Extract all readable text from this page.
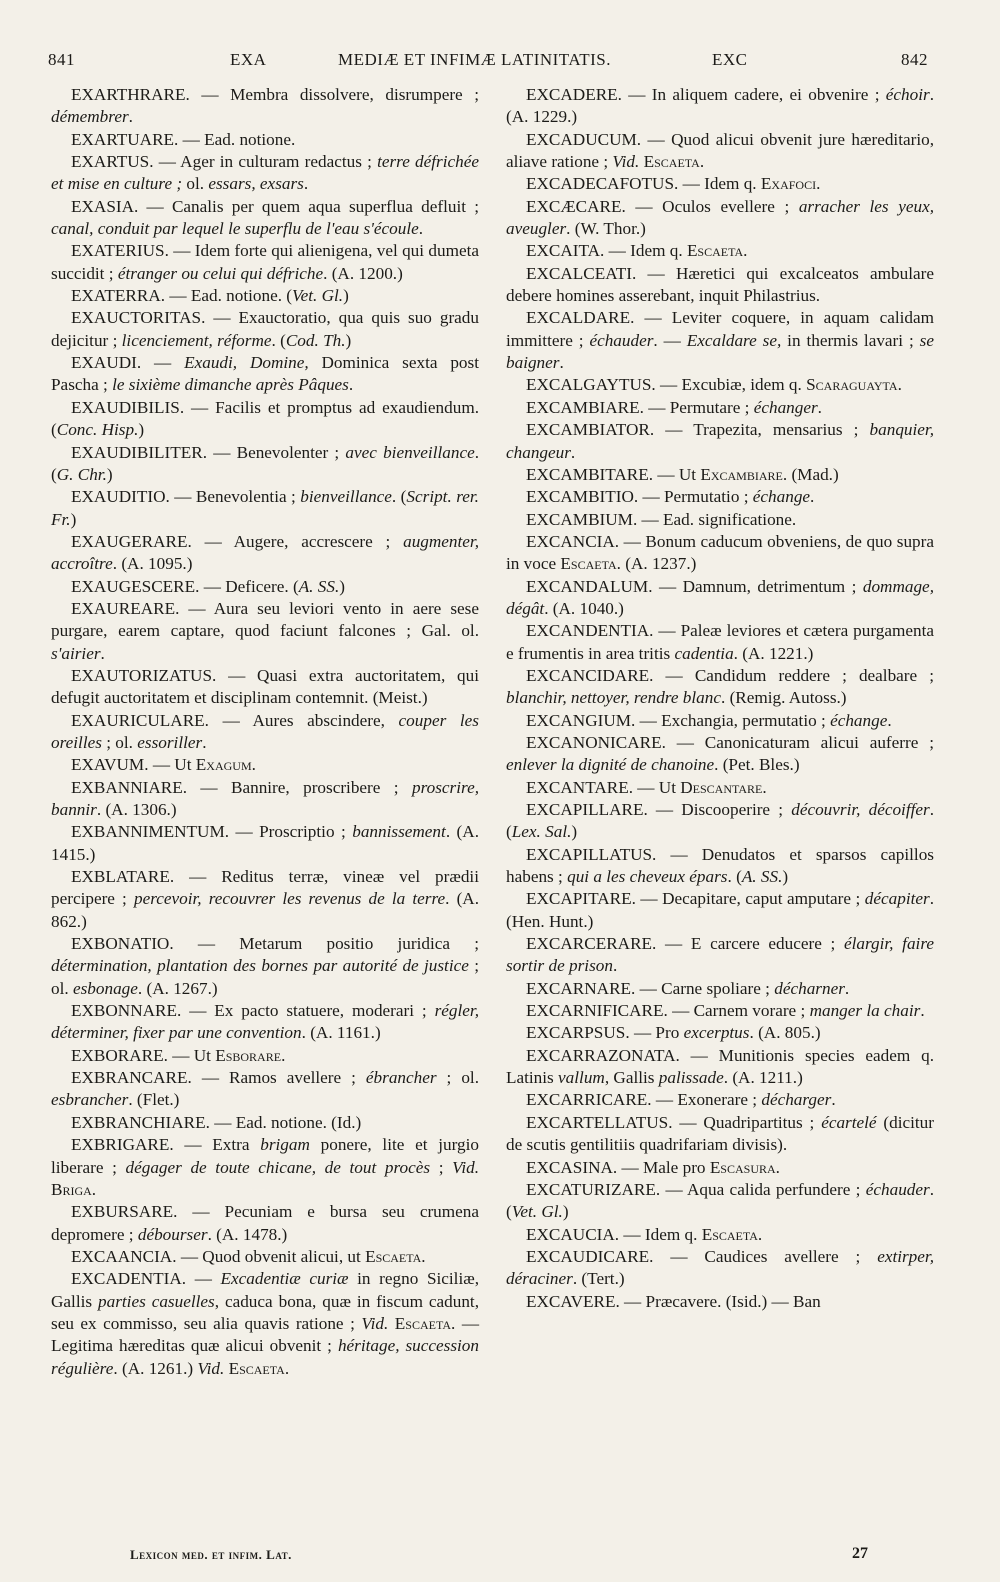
841	EXA	MEDIÆ ET INFIMÆ LATINITATIS.	EXC	842

EXARTHRARE. — Membra dissolvere, disrumpere ; démembrer.

EXARTUARE. — Ead. notione.

EXARTUS. — Ager in culturam redactus ; terre défrichée et mise en culture ; ol. essars, exsars.

EXASIA. — Canalis per quem aqua superflua defluit ; canal, conduit par lequel le superflu de l'eau s'écoule.

EXATERIUS. — Idem forte qui alienigena, vel qui dumeta succidit ; étranger ou celui qui défriche. (A. 1200.)

EXATERRA. — Ead. notione. (Vet. Gl.)

EXAUCTORITAS. — Exauctoratio, qua quis suo gradu dejicitur ; licenciement, réforme. (Cod. Th.)

EXAUDI. — Exaudi, Domine, Dominica sexta post Pascha ; le sixième dimanche après Pâques.

EXAUDIBILIS. — Facilis et promptus ad exaudiendum. (Conc. Hisp.)

EXAUDIBILITER. — Benevolenter ; avec bienveillance. (G. Chr.)

EXAUDITIO. — Benevolentia ; bienveillance. (Script. rer. Fr.)

EXAUGERARE. — Augere, accrescere ; augmenter, accroître. (A. 1095.)

EXAUGESCERE. — Deficere. (A. SS.)

EXAUREARE. — Aura seu leviori vento in aere sese purgare, earem captare, quod faciunt falcones ; Gal. ol. s'airier.

EXAUTORIZATUS. — Quasi extra auctoritatem, qui defugit auctoritatem et disciplinam contemnit. (Meist.)

EXAURICULARE. — Aures abscindere, couper les oreilles ; ol. essoriller.

EXAVUM. — Ut Exagum.

EXBANNIARE. — Bannire, proscribere ; proscrire, bannir. (A. 1306.)

EXBANNIMENTUM. — Proscriptio ; bannissement. (A. 1415.)

EXBLATARE. — Reditus terræ, vineæ vel prædii percipere ; percevoir, recouvrer les revenus de la terre. (A. 862.)

EXBONATIO. — Metarum positio juridica ; détermination, plantation des bornes par autorité de justice ; ol. esbonage. (A. 1267.)

EXBONNARE. — Ex pacto statuere, moderari ; régler, déterminer, fixer par une convention. (A. 1161.)

EXBORARE. — Ut Esborare.

EXBRANCARE. — Ramos avellere ; ébrancher ; ol. esbrancher. (Flet.)

EXBRANCHIARE. — Ead. notione. (Id.)

EXBRIGARE. — Extra brigam ponere, lite et jurgio liberare ; dégager de toute chicane, de tout procès ; Vid. Briga.

EXBURSARE. — Pecuniam e bursa seu crumena depromere ; débourser. (A. 1478.)

EXCAANCIA. — Quod obvenit alicui, ut Escaeta.

EXCADENTIA. — Excadentiæ curiæ in regno Siciliæ, Gallis parties casuelles, caduca bona, quæ in fiscum cadunt, seu ex commisso, seu alia quavis ratione ; Vid. Escaeta. — Legitima hæreditas quæ alicui obvenit ; héritage, succession régulière. (A. 1261.) Vid. Escaeta.

EXCADERE. — In aliquem cadere, ei obvenire ; échoir. (A. 1229.)

EXCADUCUM. — Quod alicui obvenit jure hæreditario, aliave ratione ; Vid. Escaeta.

EXCADECAFOTUS. — Idem q. Exafoci.

EXCÆCARE. — Oculos evellere ; arracher les yeux, aveugler. (W. Thor.)

EXCAITA. — Idem q. Escaeta.

EXCALCEATI. — Hæretici qui excalceatos ambulare debere homines asserebant, inquit Philastrius.

EXCALDARE. — Leviter coquere, in aquam calidam immittere ; échauder. — Excaldare se, in thermis lavari ; se baigner.

EXCALGAYTUS. — Excubiæ, idem q. Scaraguayta.

EXCAMBIARE. — Permutare ; échanger.

EXCAMBIATOR. — Trapezita, mensarius ; banquier, changeur.

EXCAMBITARE. — Ut Excambiare. (Mad.)

EXCAMBITIO. — Permutatio ; échange.

EXCAMBIUM. — Ead. significatione.

EXCANCIA. — Bonum caducum obveniens, de quo supra in voce Escaeta. (A. 1237.)

EXCANDALUM. — Damnum, detrimentum ; dommage, dégât. (A. 1040.)

EXCANDENTIA. — Paleæ leviores et cætera purgamenta e frumentis in area tritis cadentia. (A. 1221.)

EXCANCIDARE. — Candidum reddere ; dealbare ; blanchir, nettoyer, rendre blanc. (Remig. Autoss.)

EXCANGIUM. — Exchangia, permutatio ; échange.

EXCANONICARE. — Canonicaturam alicui auferre ; enlever la dignité de chanoine. (Pet. Bles.)

EXCANTARE. — Ut Descantare.

EXCAPILLARE. — Discooperire ; découvrir, décoiffer. (Lex. Sal.)

EXCAPILLATUS. — Denudatos et sparsos capillos habens ; qui a les cheveux épars. (A. SS.)

EXCAPITARE. — Decapitare, caput amputare ; décapiter. (Hen. Hunt.)

EXCARCERARE. — E carcere educere ; élargir, faire sortir de prison.

EXCARNARE. — Carne spoliare ; décharner.

EXCARNIFICARE. — Carnem vorare ; manger la chair.

EXCARPSUS. — Pro excerptus. (A. 805.)

EXCARRAZONATA. — Munitionis species eadem q. Latinis vallum, Gallis palissade. (A. 1211.)

EXCARRICARE. — Exonerare ; décharger.

EXCARTELLATUS. — Quadripartitus ; écartelé (dicitur de scutis gentilitiis quadrifariam divisis).

EXCASINA. — Male pro Escasura.

EXCATURIZARE. — Aqua calida perfundere ; échauder. (Vet. Gl.)

EXCAUCIA. — Idem q. Escaeta.

EXCAUDICARE. — Caudices avellere ; extirper, déraciner. (Tert.)

EXCAVERE. — Præcavere. (Isid.) — Ban

Lexicon med. et infim. Lat.	27
